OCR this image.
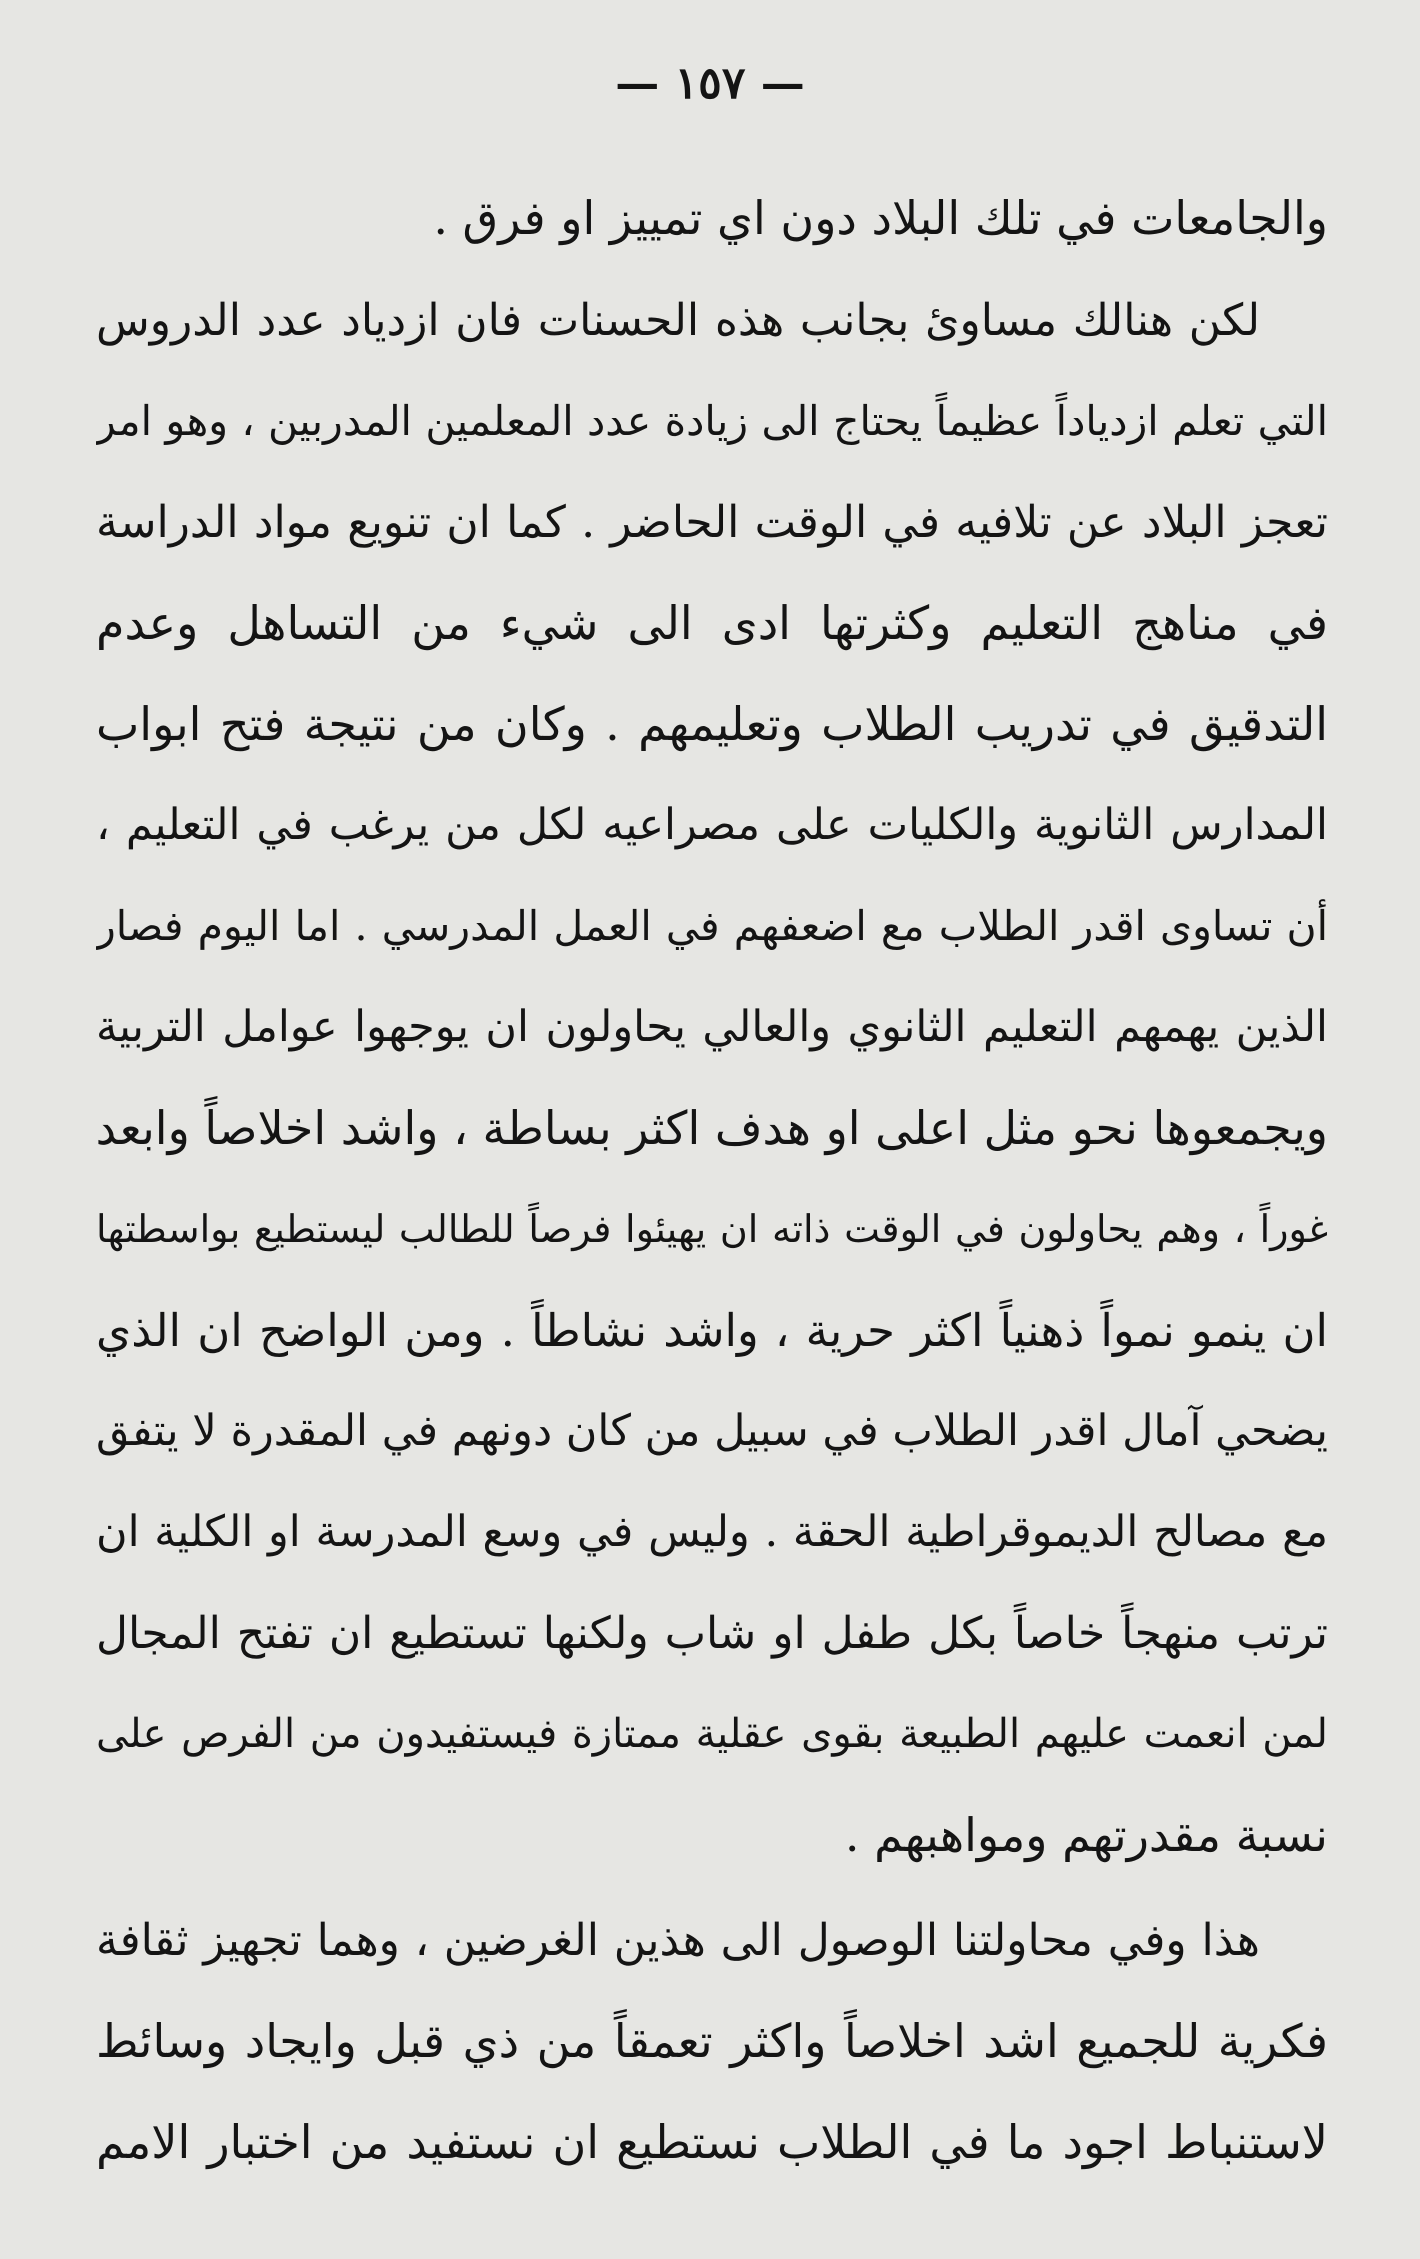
— ١٥٧ —
والجامعات في تلك البلاد دون اي تمييز او فرق .
لكن هنالك مساوئ بجانب هذه الحسنات فان ازدياد عدد الدروس
التي تعلم ازدياداً عظيماً يحتاج الى زيادة عدد المعلمين المدربين ، وهو امر
تعجز البلاد عن تلافيه في الوقت الحاضر . كما ان تنويع مواد الدراسة
في مناهج التعليم وكثرتها ادى الى شيء من التساهل وعدم
التدقيق في تدريب الطلاب وتعليمهم . وكان من نتيجة فتح ابواب
المدارس الثانوية والكليات على مصراعيه لكل من يرغب في التعليم ،
أن تساوى اقدر الطلاب مع اضعفهم في العمل المدرسي . اما اليوم فصار
الذين يهمهم التعليم الثانوي والعالي يحاولون ان يوجهوا عوامل التربية
ويجمعوها نحو مثل اعلى او هدف اكثر بساطة ، واشد اخلاصاً وابعد
غوراً ، وهم يحاولون في الوقت ذاته ان يهيئوا فرصاً للطالب ليستطيع بواسطتها
ان ينمو نمواً ذهنياً اكثر حرية ، واشد نشاطاً . ومن الواضح ان الذي
يضحي آمال اقدر الطلاب في سبيل من كان دونهم في المقدرة لا يتفق
مع مصالح الديموقراطية الحقة . وليس في وسع المدرسة او الكلية ان
ترتب منهجاً خاصاً بكل طفل او شاب ولكنها تستطيع ان تفتح المجال
لمن انعمت عليهم الطبيعة بقوى عقلية ممتازة فيستفيدون من الفرص على
نسبة مقدرتهم ومواهبهم .
هذا وفي محاولتنا الوصول الى هذين الغرضين ، وهما تجهيز ثقافة
فكرية للجميع اشد اخلاصاً واكثر تعمقاً من ذي قبل وايجاد وسائط
لاستنباط اجود ما في الطلاب نستطيع ان نستفيد من اختبار الامم
